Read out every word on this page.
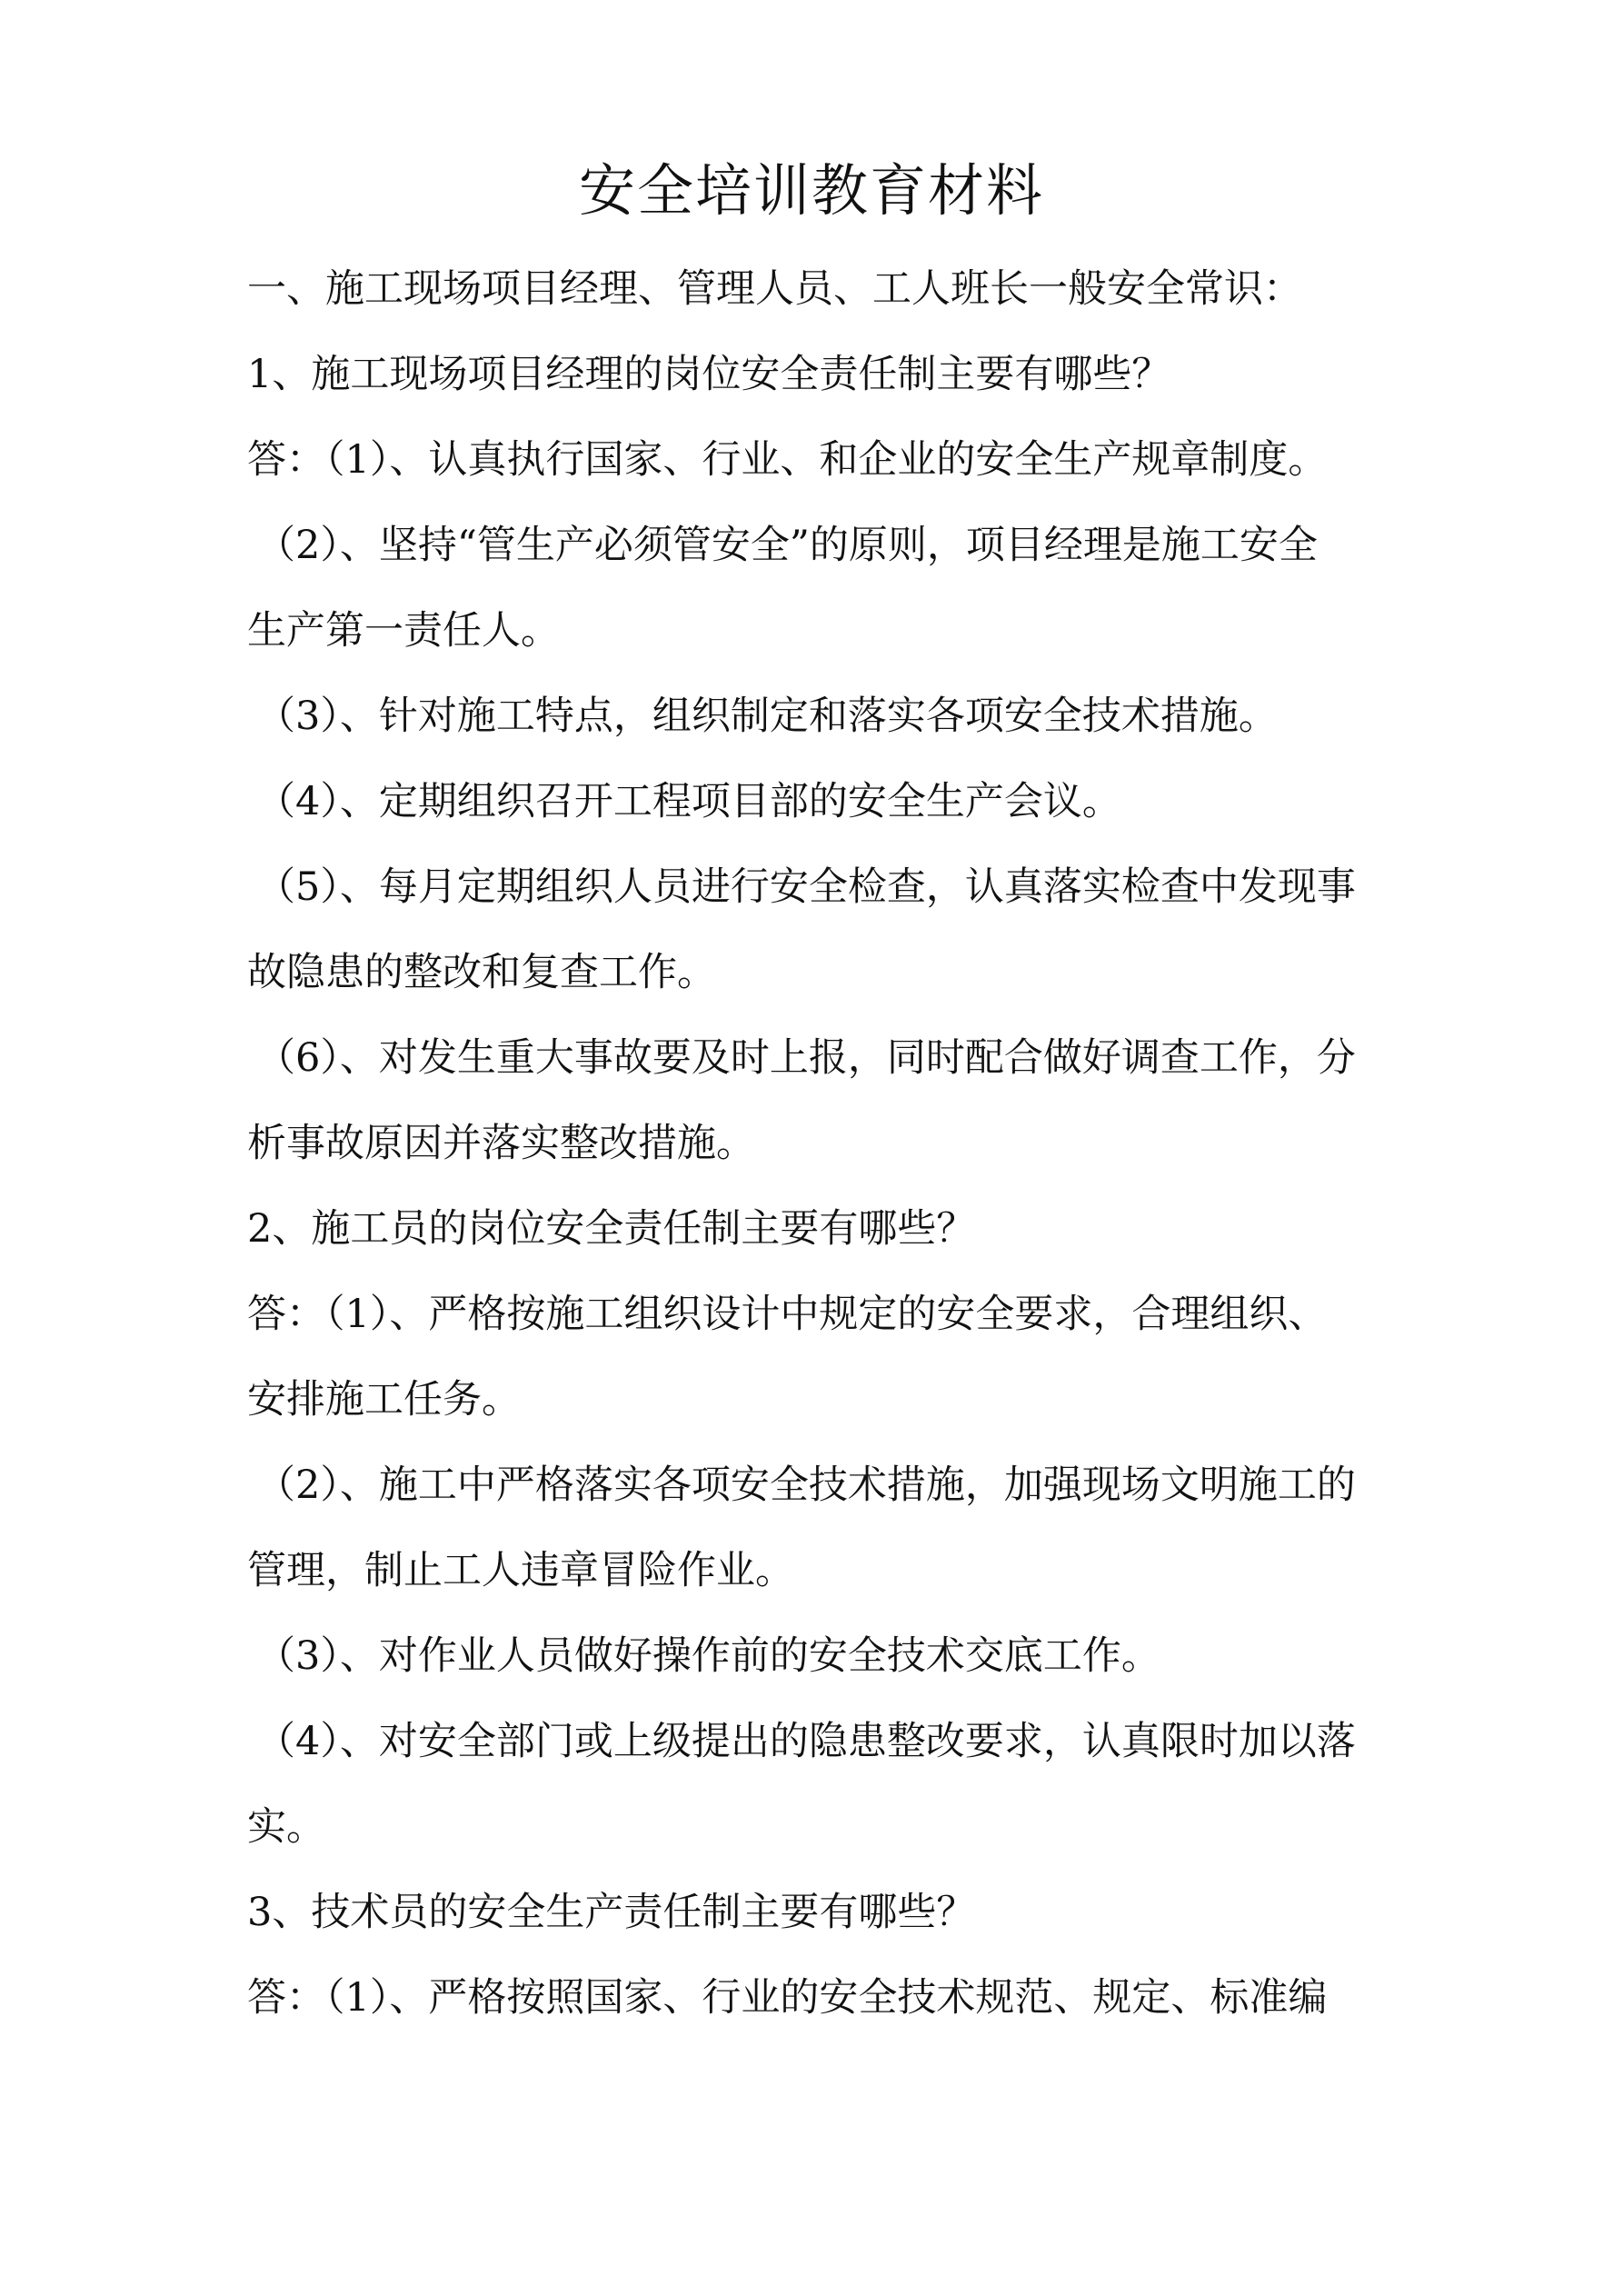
安全培训教育材料
一、施工现场项目经理、管理人员、工人班长一般安全常识：
1、施工现场项目经理的岗位安全责任制主要有哪些？
答：（1）、认真执行国家、行业、和企业的安全生产规章制度。
（2）、坚持“管生产必须管安全”的原则，项目经理是施工安全
生产第一责任人。
（3）、针对施工特点，组织制定和落实各项安全技术措施。
（4）、定期组织召开工程项目部的安全生产会议。
（5）、每月定期组织人员进行安全检查，认真落实检查中发现事
故隐患的整改和复查工作。
（6）、对发生重大事故要及时上报，同时配合做好调查工作，分
析事故原因并落实整改措施。
2、施工员的岗位安全责任制主要有哪些？
答：（1）、严格按施工组织设计中规定的安全要求，合理组织、
安排施工任务。
（2）、施工中严格落实各项安全技术措施，加强现场文明施工的
管理，制止工人违章冒险作业。
（3）、对作业人员做好操作前的安全技术交底工作。
（4）、对安全部门或上级提出的隐患整改要求，认真限时加以落
实。
3、技术员的安全生产责任制主要有哪些？
答：（1）、严格按照国家、行业的安全技术规范、规定、标准编
